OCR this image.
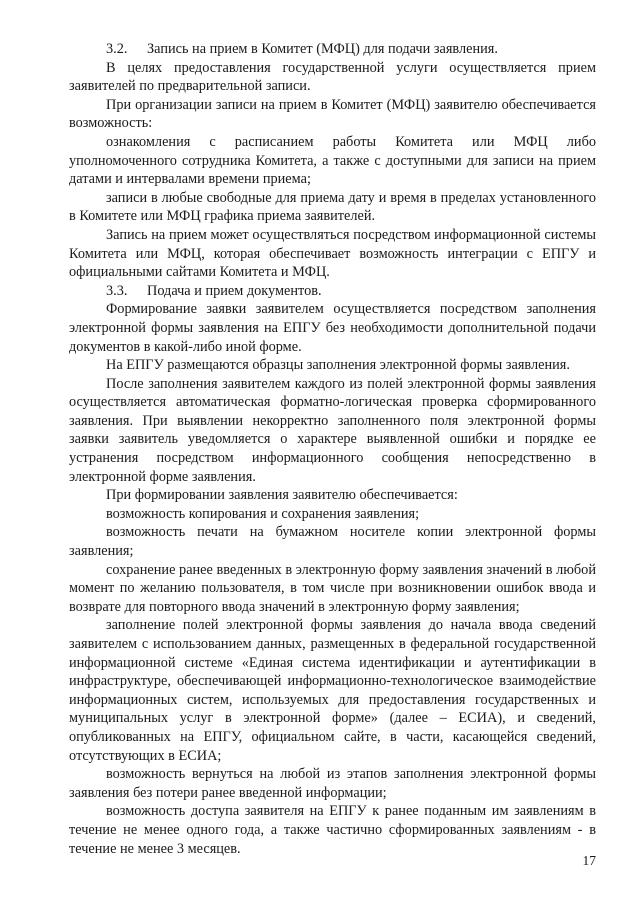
3.2. Запись на прием в Комитет (МФЦ) для подачи заявления.

В целях предоставления государственной услуги осуществляется прием заявителей по предварительной записи.

При организации записи на прием в Комитет (МФЦ) заявителю обеспечивается возможность:

ознакомления с расписанием работы Комитета или МФЦ либо уполномоченного сотрудника Комитета, а также с доступными для записи на прием датами и интервалами времени приема;

записи в любые свободные для приема дату и время в пределах установленного в Комитете или МФЦ графика приема заявителей.

Запись на прием может осуществляться посредством информационной системы Комитета или МФЦ, которая обеспечивает возможность интеграции с ЕПГУ и официальными сайтами Комитета и МФЦ.

3.3. Подача и прием документов.

Формирование заявки заявителем осуществляется посредством заполнения электронной формы заявления на ЕПГУ без необходимости дополнительной подачи документов в какой-либо иной форме.

На ЕПГУ размещаются образцы заполнения электронной формы заявления.

После заполнения заявителем каждого из полей электронной формы заявления осуществляется автоматическая форматно-логическая проверка сформированного заявления. При выявлении некорректно заполненного поля электронной формы заявки заявитель уведомляется о характере выявленной ошибки и порядке ее устранения посредством информационного сообщения непосредственно в электронной форме заявления.

При формировании заявления заявителю обеспечивается:

возможность копирования и сохранения заявления;

возможность печати на бумажном носителе копии электронной формы заявления;

сохранение ранее введенных в электронную форму заявления значений в любой момент по желанию пользователя, в том числе при возникновении ошибок ввода и возврате для повторного ввода значений в электронную форму заявления;

заполнение полей электронной формы заявления до начала ввода сведений заявителем с использованием данных, размещенных в федеральной государственной информационной системе «Единая система идентификации и аутентификации в инфраструктуре, обеспечивающей информационно-технологическое взаимодействие информационных систем, используемых для предоставления государственных и муниципальных услуг в электронной форме» (далее – ЕСИА), и сведений, опубликованных на ЕПГУ, официальном сайте, в части, касающейся сведений, отсутствующих в ЕСИА;

возможность вернуться на любой из этапов заполнения электронной формы заявления без потери ранее введенной информации;

возможность доступа заявителя на ЕПГУ к ранее поданным им заявлениям в течение не менее одного года, а также частично сформированных заявлениям - в течение не менее 3 месяцев.

17
